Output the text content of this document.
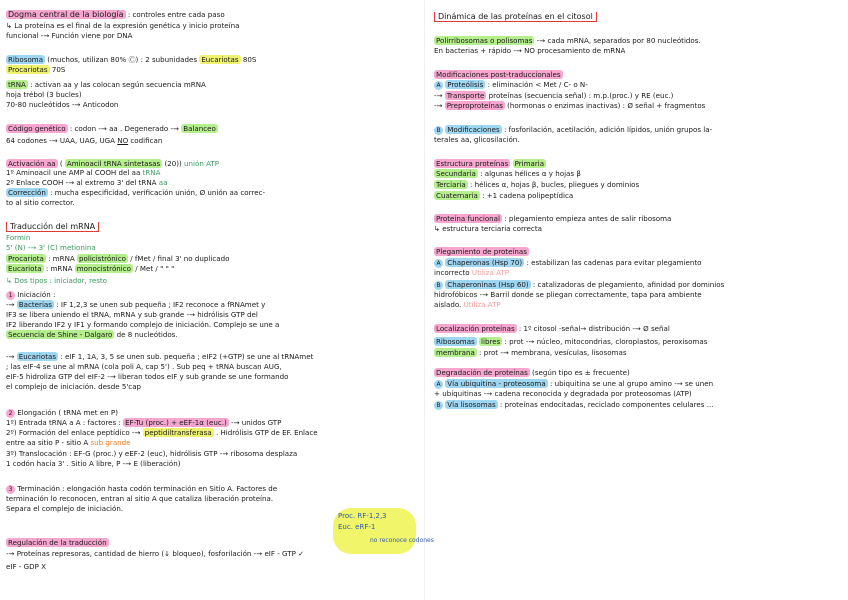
Dogma central de la biología : controles entre cada paso
↳ La proteína es el final de la expresión genética y inicio proteína
funcional -→ Función viene por DNA
Ribosoma (muchos, utilizan 80% Ⓒ) : 2 subunidades Eucariotas 80S
Procariotas 70S
tRNA : activan aa y las colocan según secuencia mRNA
hoja trébol (3 bucles)
70-80 nucleótidos -→ Anticodon
Código genético : codon -→ aa . Degenerado -→ Balanceo
64 codones -→ UAA, UAG, UGA NO codifican
Activación aa ( Aminoacil tRNA sintetasas (20)) unión ATP
1º Aminoacil une AMP al COOH del aa tRNA
2º Enlace COOH -→ al extremo 3' del tRNA aa
Corrección : mucha especificidad, verificación unión, Ø unión aa correc-
to al sitio corrector.
Traducción del mRNA
Formin
5' (N) -→ 3' (C) metionina
Procariota : mRNA policistrónico / fMet / final 3' no duplicado
Eucariota : mRNA monocistrónico / Met / " " "
↳ Dos tipos : iniciador, resto
1 Iniciación :
-→ Bacterias : IF 1,2,3 se unen sub pequeña ; IF2 reconoce a fRNAmet y
IF3 se libera uniendo el tRNA, mRNA y sub grande -→ hidrólisis GTP del
IF2 liberando IF2 y IF1 y formando complejo de iniciación. Complejo se une a
Secuencia de Shine - Dalgaro de 8 nucleótidos.
-→ Eucariotas : eIF 1, 1A, 3, 5 se unen sub. pequeña ; eIF2 (+GTP) se une al tRNAmet
; las eIF-4 se une al mRNA (cola poli A, cap 5') . Sub peq + tRNA buscan AUG,
eIF-5 hidroliza GTP del eIF-2 -→ liberan todos eIF y sub grande se une formando
el complejo de iniciación. desde 5'cap
2 Elongación ( tRNA met en P)
1º) Entrada tRNA a A : factores : EF-Tu (proc.) + eEF-1α (euc.) -→ unidos GTP
2º) Formación del enlace peptídico -→ peptidiltransferasa . Hidrólisis GTP de EF. Enlace
entre aa sitio P - sitio A sub grande
3º) Translocación : EF-G (proc.) y eEF-2 (euc), hidrólisis GTP -→ ribosoma desplaza
1 codón hacia 3' . Sitio A libre, P -→ E (liberación)
3 Terminación : elongación hasta codón terminación en Sitio A. Factores de
terminación lo reconocen, entran al sitio A que cataliza liberación proteína.
Separa el complejo de iniciación.
Regulación de la traducción
-→ Proteínas represoras, cantidad de hierro (↓ bloqueo), fosforilación -→ eIF - GTP ✓
eIF - GDP X
Dinámica de las proteínas en el citosol
Polirribosomas o polisomas -→ cada mRNA, separados por 80 nucleótidos.
En bacterias + rápido -→ NO procesamiento de mRNA
Modificaciones post-traduccionales
A Proteólisis : eliminación < Met / C- o N-
-→ Transporte proteínas (secuencia señal) : m.p.(proc.) y RE (euc.)
-→ Preproproteínas (hormonas o enzimas inactivas) : Ø señal + fragmentos
B Modificaciones : fosforilación, acetilación, adición lípidos, unión grupos la-
terales aa, glicosilación.
Estructura proteínas Primaria
Secundaria : algunas hélices α y hojas β
Terciaria : hélices α, hojas β, bucles, pliegues y dominios
Cuaternaria : +1 cadena polipeptídica
Proteína funcional : plegamiento empieza antes de salir ribosoma
↳ estructura terciaria correcta
Plegamiento de proteínas
A Chaperonas (Hsp 70) : estabilizan las cadenas para evitar plegamiento
incorrecto Utiliza ATP
B Chaperoninas (Hsp 60) : catalizadoras de plegamiento, afinidad por dominios
hidrofóbicos -→ Barril donde se pliegan correctamente, tapa para ambiente
aislado. Utiliza ATP
Localización proteínas : 1º citosol -señal→ distribución -→ Ø señal
Ribosomas libres : prot -→ núcleo, mitocondrias, cloroplastos, peroxisomas
membrana : prot -→ membrana, vesículas, lisosomas
Degradación de proteínas (según tipo es ± frecuente)
A Vía ubiquitina - proteosoma : ubiquitina se une al grupo amino -→ se unen
+ ubiquitinas -→ cadena reconocida y degradada por proteosomas (ATP)
B Vía lisosomas : proteínas endocitadas, reciclado componentes celulares ...
Proc. RF-1,2,3
Euc. eRF-1
no reconoce codones
